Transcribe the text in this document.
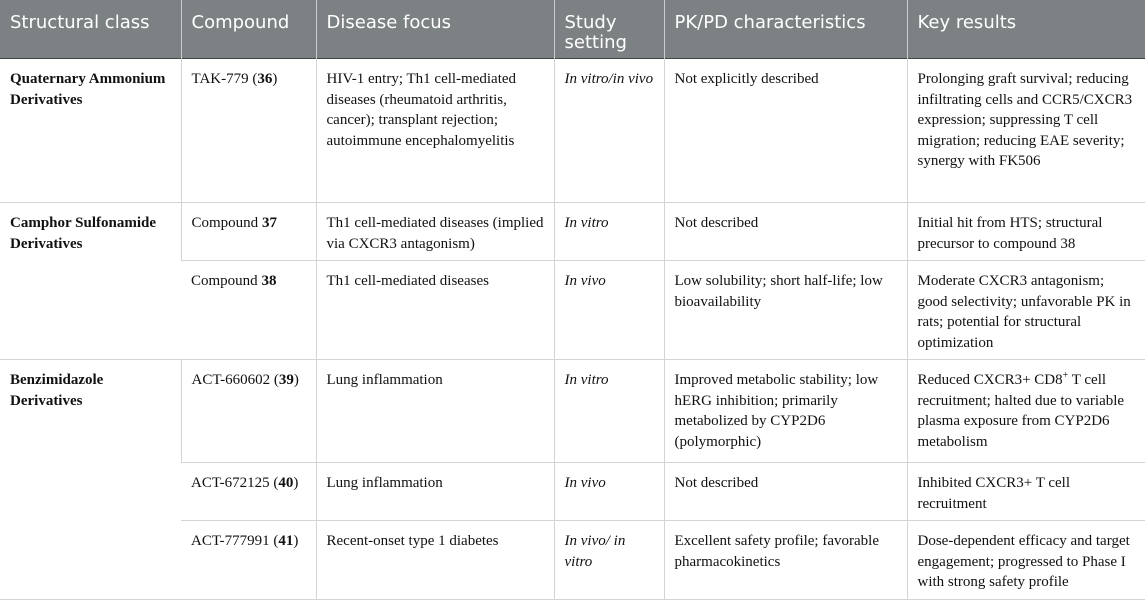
Structural class	Compound	Disease focus	Study setting	PK/PD characteristics	Key results
Quaternary Ammonium Derivatives	TAK-779 (36)	HIV-1 entry; Th1 cell-mediated diseases (rheumatoid arthritis, cancer); transplant rejection; autoimmune encephalomyelitis	In vitro/in vivo	Not explicitly described	Prolonging graft survival; reducing infiltrating cells and CCR5/CXCR3 expression; suppressing T cell migration; reducing EAE severity; synergy with FK506
Camphor Sulfonamide Derivatives	Compound 37	Th1 cell-mediated diseases (implied via CXCR3 antagonism)	In vitro	Not described	Initial hit from HTS; structural precursor to compound 38
	Compound 38	Th1 cell-mediated diseases	In vivo	Low solubility; short half-life; low bioavailability	Moderate CXCR3 antagonism; good selectivity; unfavorable PK in rats; potential for structural optimization
Benzimidazole Derivatives	ACT-660602 (39)	Lung inflammation	In vitro	Improved metabolic stability; low hERG inhibition; primarily metabolized by CYP2D6 (polymorphic)	Reduced CXCR3+ CD8+ T cell recruitment; halted due to variable plasma exposure from CYP2D6 metabolism
	ACT-672125 (40)	Lung inflammation	In vivo	Not described	Inhibited CXCR3+ T cell recruitment
	ACT-777991 (41)	Recent-onset type 1 diabetes	In vivo/ in vitro	Excellent safety profile; favorable pharmacokinetics	Dose-dependent efficacy and target engagement; progressed to Phase I with strong safety profile
